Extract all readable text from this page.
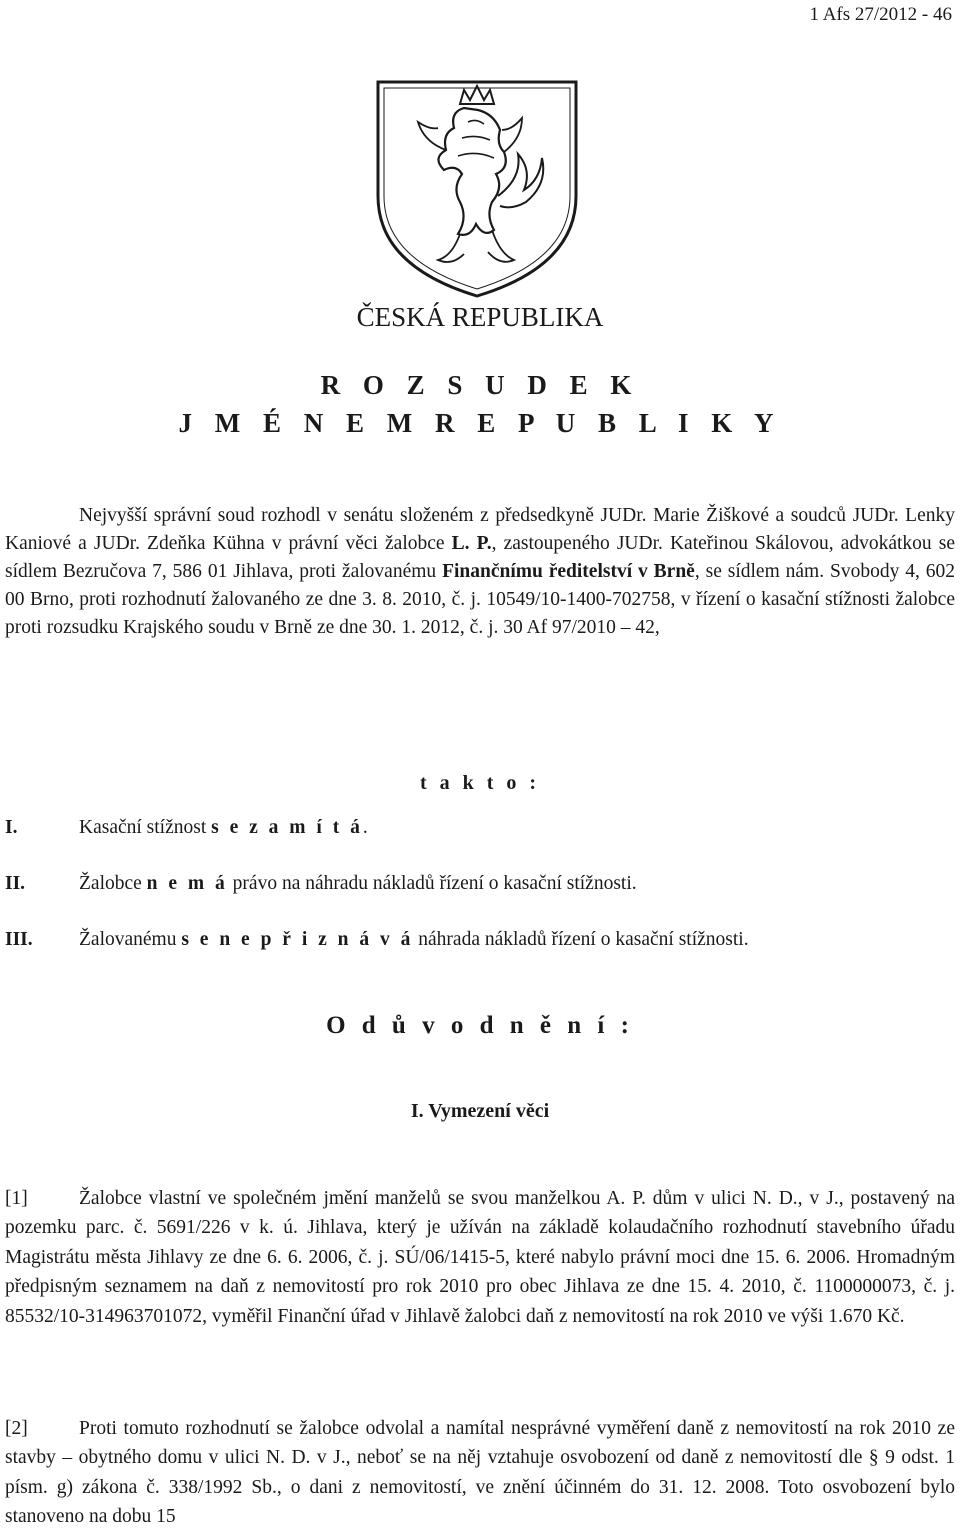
1 Afs 27/2012 - 46
ČESKÁ REPUBLIKA
R O Z S U D E K
J M É N E M R E P U B L I K Y

Nejvyšší správní soud rozhodl v senátu složeném z předsedkyně JUDr. Marie Žiškové a soudců JUDr. Lenky Kaniové a JUDr. Zdeňka Kühna v právní věci žalobce L. P., zastoupeného JUDr. Kateřinou Skálovou, advokátkou se sídlem Bezručova 7, 586 01 Jihlava, proti žalovanému Finančnímu ředitelství v Brně, se sídlem nám. Svobody 4, 602 00 Brno, proti rozhodnutí žalovaného ze dne 3. 8. 2010, č. j. 10549/10-1400-702758, v řízení o kasační stížnosti žalobce proti rozsudku Krajského soudu v Brně ze dne 30. 1. 2012, č. j. 30 Af 97/2010 – 42,

t a k t o :
I.	Kasační stížnost s e z a m í t á.
II.	Žalobce n e m á právo na náhradu nákladů řízení o kasační stížnosti.
III. Žalovanému s e n e p ř i z n á v á náhrada nákladů řízení o kasační stížnosti.
O d ů v o d n ě n í :
I. Vymezení věci
[1]	Žalobce vlastní ve společném jmění manželů se svou manželkou A. P. dům v ulici N. D., v J., postavený na pozemku parc. č. 5691/226 v k. ú. Jihlava, který je užíván na základě kolaudačního rozhodnutí stavebního úřadu Magistrátu města Jihlavy ze dne 6. 6. 2006, č. j. SÚ/06/1415-5, které nabylo právní moci dne 15. 6. 2006. Hromadným předpisným seznamem na daň z nemovitostí pro rok 2010 pro obec Jihlava ze dne 15. 4. 2010, č. 1100000073, č. j. 85532/10-314963701072, vyměřil Finanční úřad v Jihlavě žalobci daň z nemovitostí na rok 2010 ve výši 1.670 Kč.
[2]	Proti tomuto rozhodnutí se žalobce odvolal a namítal nesprávné vyměření daně z nemovitostí na rok 2010 ze stavby – obytného domu v ulici N. D. v J., neboť se na něj vztahuje osvobození od daně z nemovitostí dle § 9 odst. 1 písm. g) zákona č. 338/1992 Sb., o dani z nemovitostí, ve znění účinném do 31. 12. 2008. Toto osvobození bylo stanoveno na dobu 15
